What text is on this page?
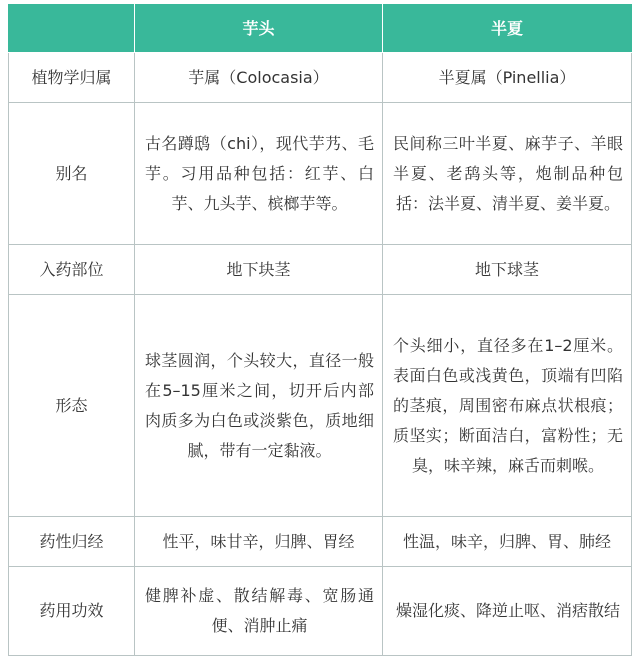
	芋头	半夏
植物学归属	芋属（Colocasia）	半夏属（Pinellia）
别名	古名蹲鸱（chi），现代芋艿、毛芋。习用品种包括：红芋、白芋、九头芋、槟榔芋等。	民间称三叶半夏、麻芋子、羊眼半夏、老鸹头等，炮制品种包括：法半夏、清半夏、姜半夏。
入药部位	地下块茎	地下球茎
形态	球茎圆润，个头较大，直径一般在5–15厘米之间，切开后内部肉质多为白色或淡紫色，质地细腻，带有一定黏液。	个头细小，直径多在1–2厘米。表面白色或浅黄色，顶端有凹陷的茎痕，周围密布麻点状根痕；质坚实；断面洁白，富粉性；无臭，味辛辣，麻舌而刺喉。
药性归经	性平，味甘辛，归脾、胃经	性温，味辛，归脾、胃、肺经
药用功效	健脾补虚、散结解毒、宽肠通便、消肿止痛	燥湿化痰、降逆止呕、消痞散结
